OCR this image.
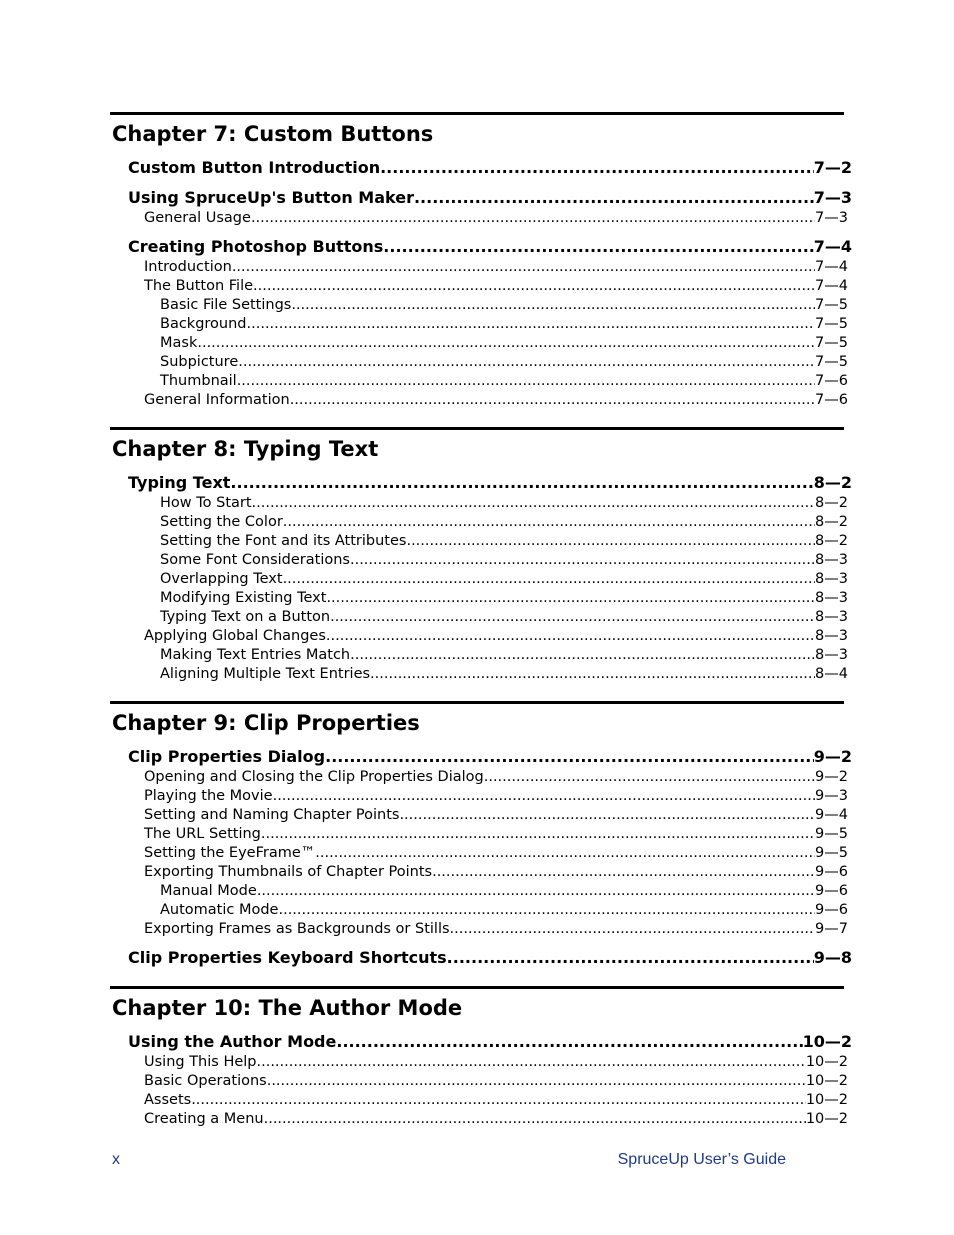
Chapter 7: Custom Buttons
Custom Button Introduction .....	7—2
Using SpruceUp's Button Maker .....	7—3
General Usage .....	7—3
Creating Photoshop Buttons .....	7—4
Introduction .....	7—4
The Button File .....	7—4
Basic File Settings .....	7—5
Background .....	7—5
Mask .....	7—5
Subpicture .....	7—5
Thumbnail .....	7—6
General Information .....	7—6
Chapter 8: Typing Text
Typing Text .....	8—2
How To Start .....	8—2
Setting the Color .....	8—2
Setting the Font and its Attributes .....	8—2
Some Font Considerations .....	8—3
Overlapping Text .....	8—3
Modifying Existing Text .....	8—3
Typing Text on a Button .....	8—3
Applying Global Changes .....	8—3
Making Text Entries Match .....	8—3
Aligning Multiple Text Entries .....	8—4
Chapter 9: Clip Properties
Clip Properties Dialog .....	9—2
Opening and Closing the Clip Properties Dialog .....	9—2
Playing the Movie .....	9—3
Setting and Naming Chapter Points .....	9—4
The URL Setting .....	9—5
Setting the EyeFrame™ .....	9—5
Exporting Thumbnails of Chapter Points .....	9—6
Manual Mode .....	9—6
Automatic Mode .....	9—6
Exporting Frames as Backgrounds or Stills .....	9—7
Clip Properties Keyboard Shortcuts .....	9—8
Chapter 10: The Author Mode
Using the Author Mode .....	10—2
Using This Help .....	10—2
Basic Operations .....	10—2
Assets .....	10—2
Creating a Menu .....	10—2
x	SpruceUp User’s Guide
